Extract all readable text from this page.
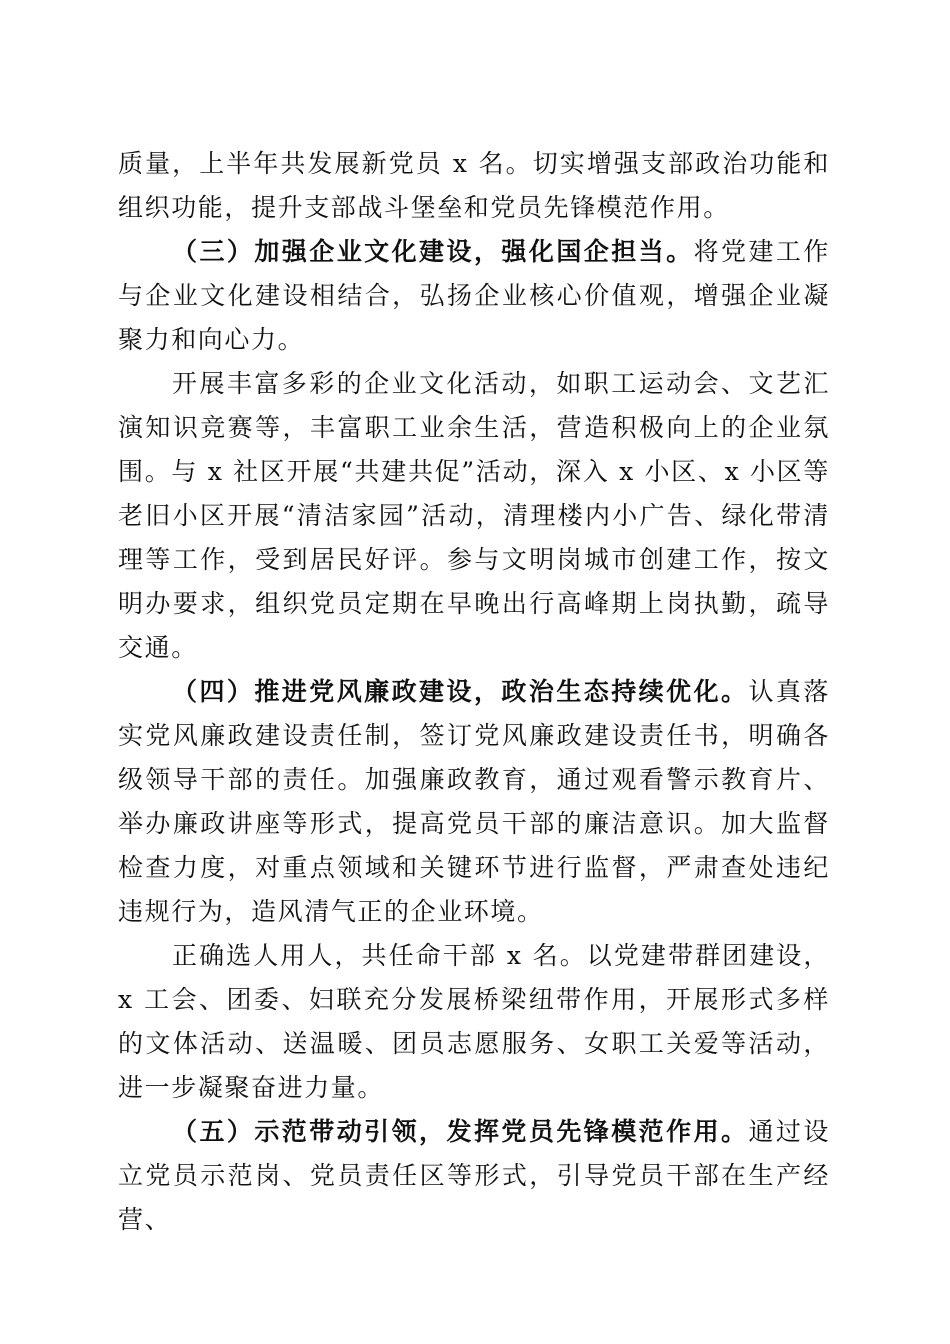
质量，上半年共发展新党员 x 名。切实增强支部政治功能和组织功能，提升支部战斗堡垒和党员先锋模范作用。

（三）加强企业文化建设，强化国企担当。将党建工作与企业文化建设相结合，弘扬企业核心价值观，增强企业凝聚力和向心力。

开展丰富多彩的企业文化活动，如职工运动会、文艺汇演知识竞赛等，丰富职工业余生活，营造积极向上的企业氛围。与 x 社区开展“共建共促”活动，深入 x 小区、x 小区等老旧小区开展“清洁家园”活动，清理楼内小广告、绿化带清理等工作，受到居民好评。参与文明岗城市创建工作，按文明办要求，组织党员定期在早晚出行高峰期上岗执勤，疏导交通。

（四）推进党风廉政建设，政治生态持续优化。认真落实党风廉政建设责任制，签订党风廉政建设责任书，明确各级领导干部的责任。加强廉政教育，通过观看警示教育片、举办廉政讲座等形式，提高党员干部的廉洁意识。加大监督检查力度，对重点领域和关键环节进行监督，严肃查处违纪违规行为，造风清气正的企业环境。

正确选人用人，共任命干部 x 名。以党建带群团建设，x 工会、团委、妇联充分发展桥梁纽带作用，开展形式多样的文体活动、送温暖、团员志愿服务、女职工关爱等活动，进一步凝聚奋进力量。

（五）示范带动引领，发挥党员先锋模范作用。通过设立党员示范岗、党员责任区等形式，引导党员干部在生产经营、
